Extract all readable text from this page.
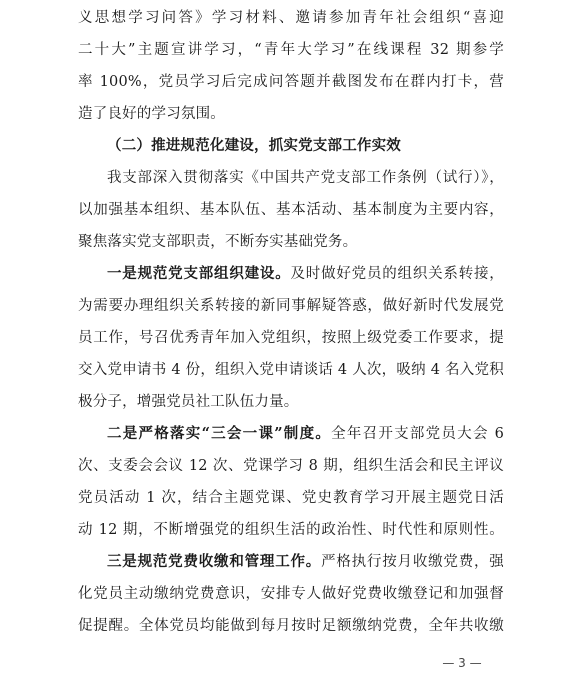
义思想学习问答》学习材料、邀请参加青年社会组织“喜迎
二十大”主题宣讲学习，“青年大学习”在线课程 32 期参学
率 100%，党员学习后完成问答题并截图发布在群内打卡，营
造了良好的学习氛围。
（二）推进规范化建设，抓实党支部工作实效
我支部深入贯彻落实《中国共产党支部工作条例（试行）》，
以加强基本组织、基本队伍、基本活动、基本制度为主要内容，
聚焦落实党支部职责，不断夯实基础党务。
一是规范党支部组织建设。及时做好党员的组织关系转接，
为需要办理组织关系转接的新同事解疑答惑，做好新时代发展党
员工作，号召优秀青年加入党组织，按照上级党委工作要求，提
交入党申请书 4 份，组织入党申请谈话 4 人次，吸纳 4 名入党积
极分子，增强党员社工队伍力量。
二是严格落实“三会一课”制度。全年召开支部党员大会 6
次、支委会会议 12 次、党课学习 8 期，组织生活会和民主评议
党员活动 1 次，结合主题党课、党史教育学习开展主题党日活
动 12 期，不断增强党的组织生活的政治性、时代性和原则性。
三是规范党费收缴和管理工作。严格执行按月收缴党费，强
化党员主动缴纳党费意识，安排专人做好党费收缴登记和加强督
促提醒。全体党员均能做到每月按时足额缴纳党费，全年共收缴
— 3 —
